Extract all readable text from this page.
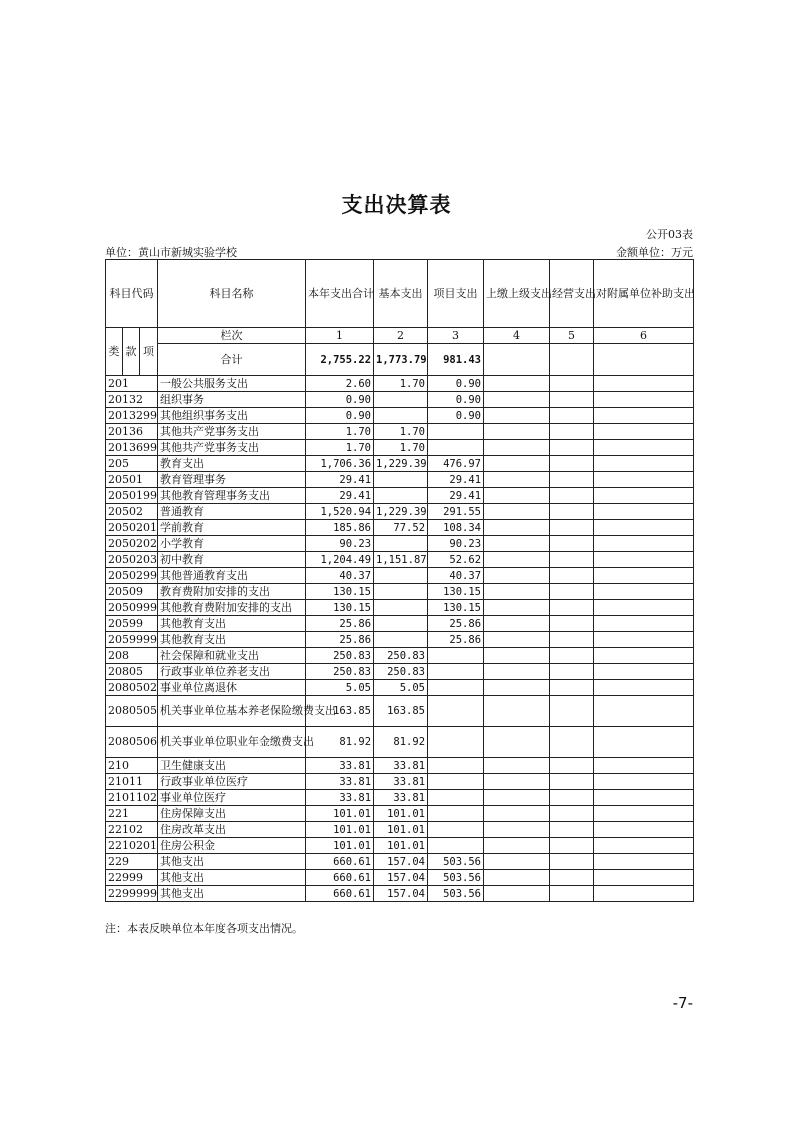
支出决算表
公开03表
单位：黄山市新城实验学校	金额单位：万元
科目代码			科目名称	本年支出合计	基本支出	项目支出	上缴上级支出	经营支出	对附属单位补助支出
类	款	项	栏次	1	2	3	4	5	6
			合计	2,755.22	1,773.79	981.43			
201			一般公共服务支出	2.60	1.70	0.90			
20132			组织事务	0.90		0.90			
2013299			其他组织事务支出	0.90		0.90			
20136			其他共产党事务支出	1.70	1.70				
2013699			其他共产党事务支出	1.70	1.70				
205			教育支出	1,706.36	1,229.39	476.97			
20501			教育管理事务	29.41		29.41			
2050199			其他教育管理事务支出	29.41		29.41			
20502			普通教育	1,520.94	1,229.39	291.55			
2050201			学前教育	185.86	77.52	108.34			
2050202			小学教育	90.23		90.23			
2050203			初中教育	1,204.49	1,151.87	52.62			
2050299			其他普通教育支出	40.37		40.37			
20509			教育费附加安排的支出	130.15		130.15			
2050999			其他教育费附加安排的支出	130.15		130.15			
20599			其他教育支出	25.86		25.86			
2059999			其他教育支出	25.86		25.86			
208			社会保障和就业支出	250.83	250.83				
20805			行政事业单位养老支出	250.83	250.83				
2080502			事业单位离退休	5.05	5.05				
2080505			机关事业单位基本养老保险缴费支出	163.85	163.85				
2080506			机关事业单位职业年金缴费支出	81.92	81.92				
210			卫生健康支出	33.81	33.81				
21011			行政事业单位医疗	33.81	33.81				
2101102			事业单位医疗	33.81	33.81				
221			住房保障支出	101.01	101.01				
22102			住房改革支出	101.01	101.01				
2210201			住房公积金	101.01	101.01				
229			其他支出	660.61	157.04	503.56			
22999			其他支出	660.61	157.04	503.56			
2299999			其他支出	660.61	157.04	503.56			
注：本表反映单位本年度各项支出情况。
-7-
